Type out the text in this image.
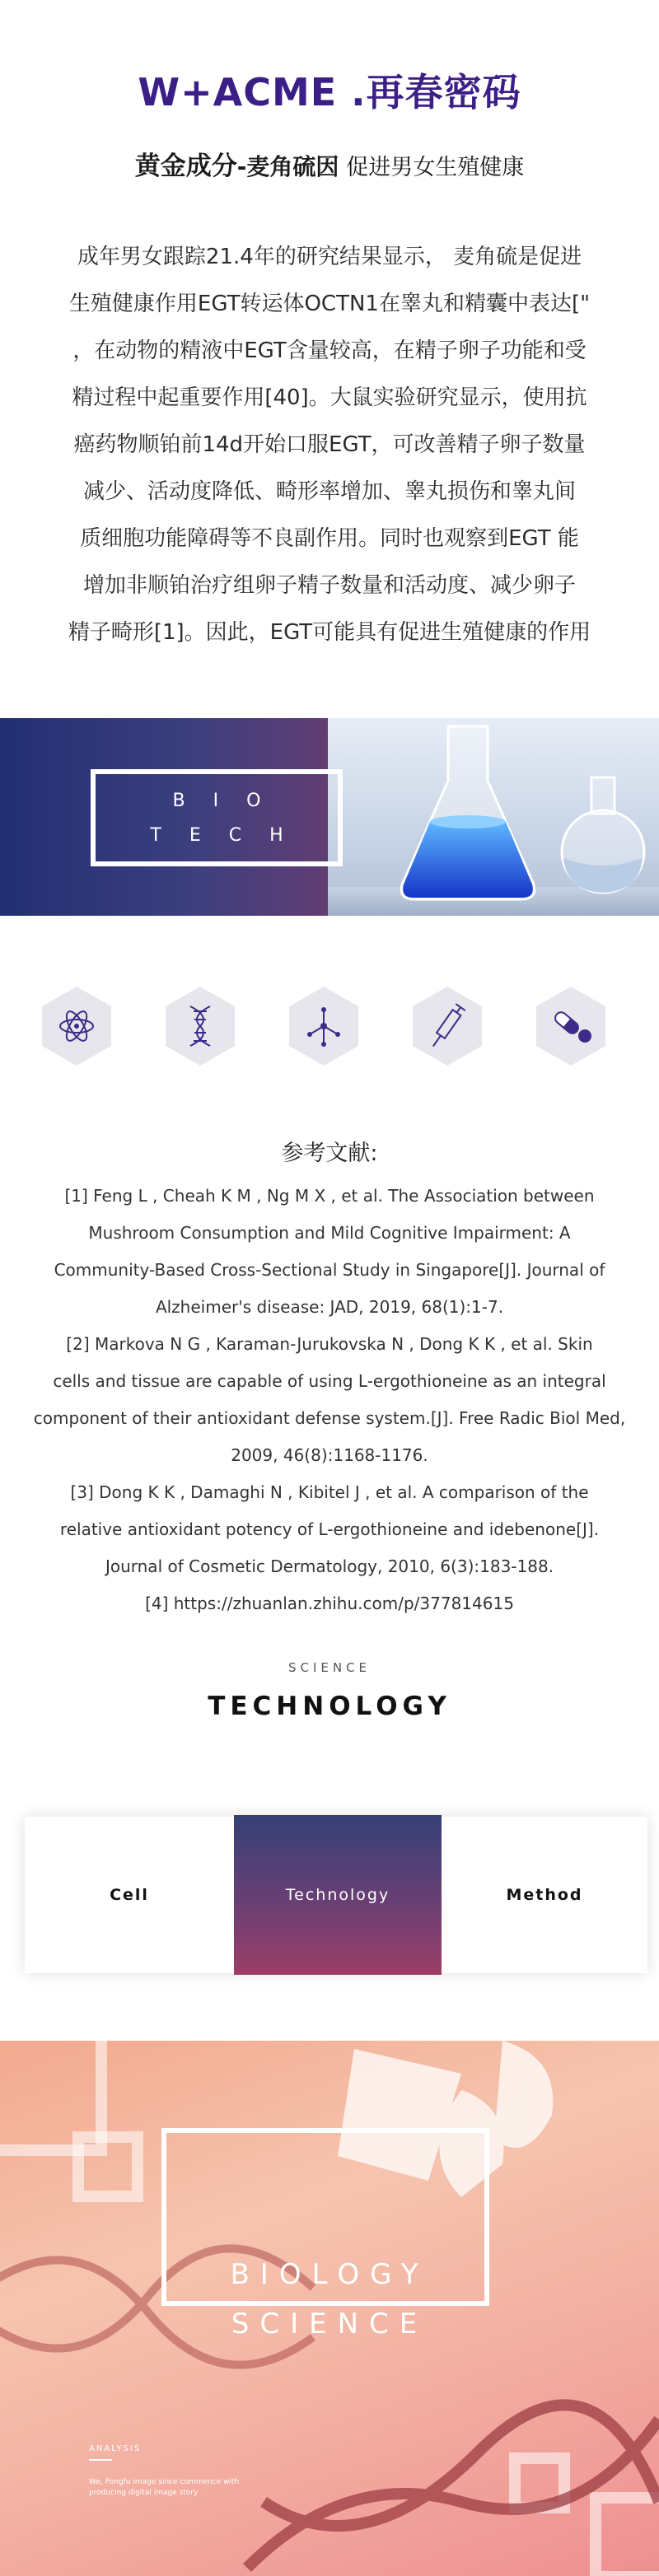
W+ACME .再春密码
黄金成分-麦角硫因 促进男女生殖健康
成年男女跟踪21.4年的研究结果显示， 麦角硫是促进
生殖健康作用EGT转运体OCTN1在睾丸和精囊中表达["
，在动物的精液中EGT含量较高，在精子卵子功能和受
精过程中起重要作用[40]。大鼠实验研究显示，使用抗
癌药物顺铂前14d开始口服EGT，可改善精子卵子数量
减少、活动度降低、畸形率增加、睾丸损伤和睾丸间
质细胞功能障碍等不良副作用。同时也观察到EGT 能
增加非顺铂治疗组卵子精子数量和活动度、减少卵子
精子畸形[1]。因此，EGT可能具有促进生殖健康的作用
BIO
TECH
参考文献:
[1] Feng L , Cheah K M , Ng M X , et al. The Association between
Mushroom Consumption and Mild Cognitive Impairment: A
Community-Based Cross-Sectional Study in Singapore[J]. Journal of
Alzheimer's disease: JAD, 2019, 68(1):1-7.
[2] Markova N G , Karaman-Jurukovska N , Dong K K , et al. Skin
cells and tissue are capable of using L-ergothioneine as an integral
component of their antioxidant defense system.[J]. Free Radic Biol Med,
2009, 46(8):1168-1176.
[3] Dong K K , Damaghi N , Kibitel J , et al. A comparison of the
relative antioxidant potency of L-ergothioneine and idebenone[J].
Journal of Cosmetic Dermatology, 2010, 6(3):183-188.
[4] https://zhuanlan.zhihu.com/p/377814615
SCIENCE
TECHNOLOGY
Cell	Technology	Method
BIOLOGY
SCIENCE
ANALYSIS
We, Pongfu image since commence with producing digital image story
